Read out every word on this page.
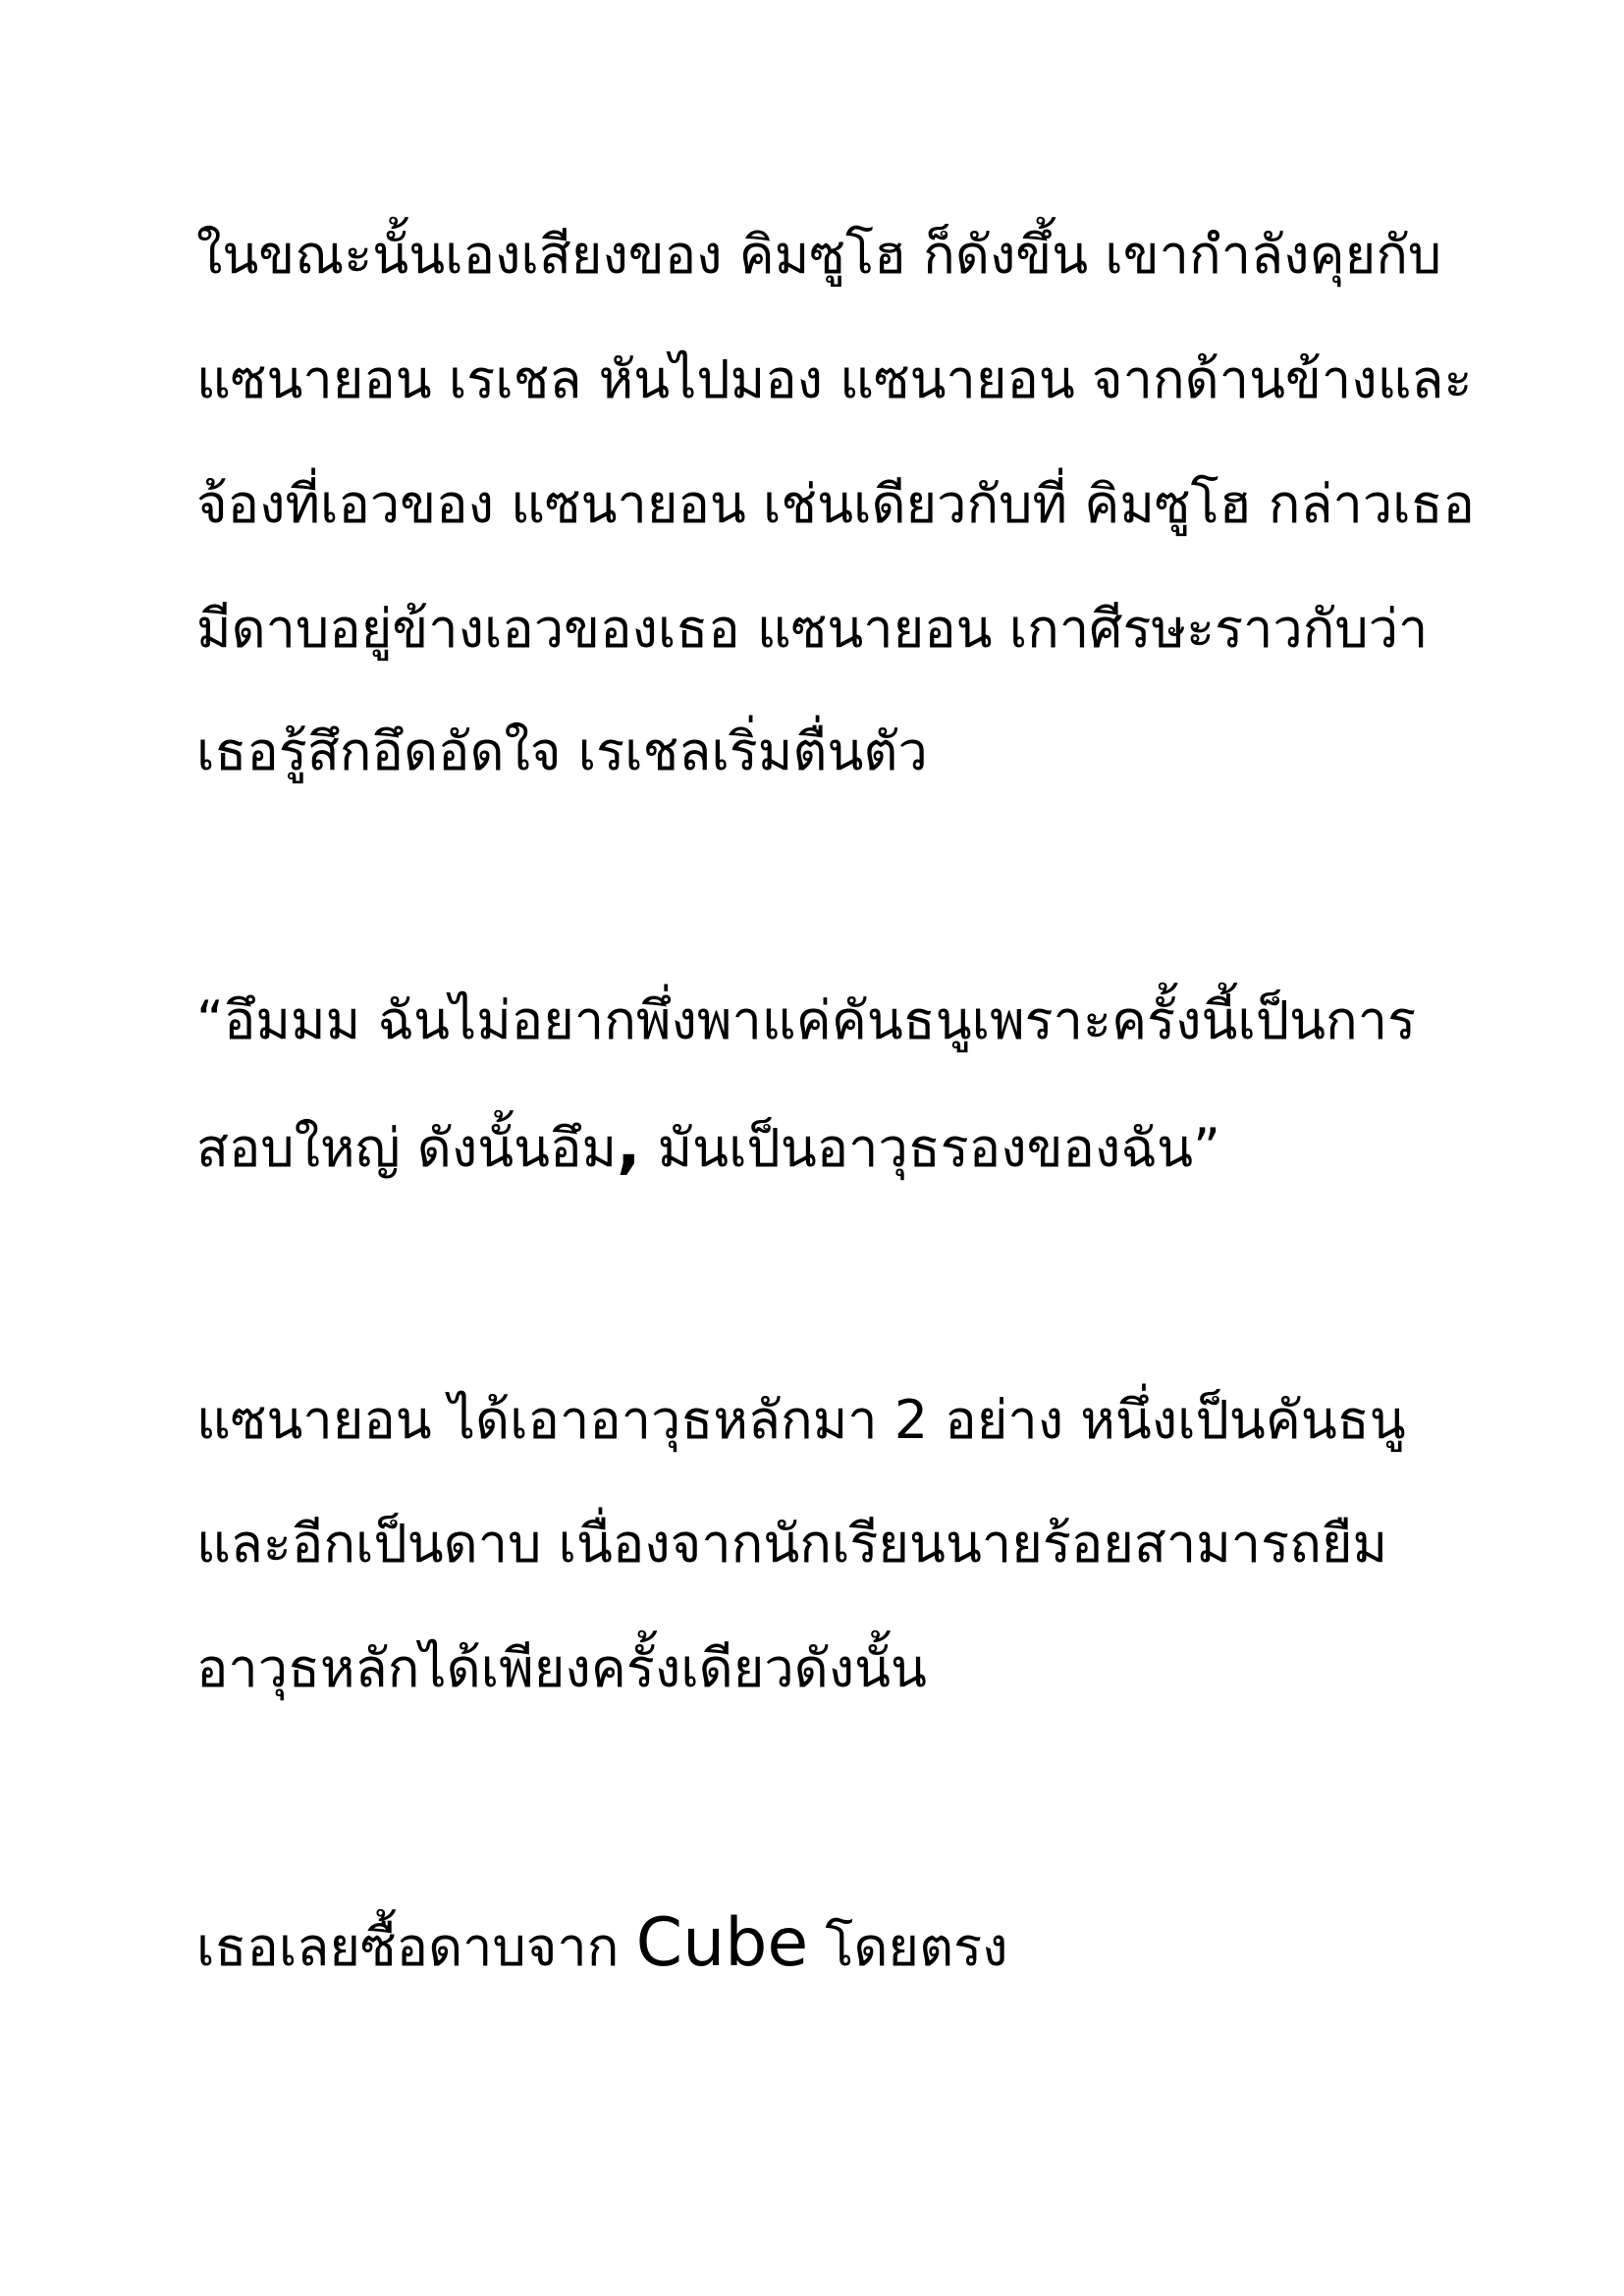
ในขณะนั้นเองเสียงของ คิมซูโฮ ก็ดังขึ้น เขากำลังคุยกับ
แซนายอน เรเชล หันไปมอง แซนายอน จากด้านข้างและ
จ้องที่เอวของ แซนายอน เช่นเดียวกับที่ คิมซูโฮ กล่าวเธอ
มีดาบอยู่ข้างเอวของเธอ แซนายอน เกาศีรษะราวกับว่า
เธอรู้สึกอึดอัดใจ เรเชลเริ่มตื่นตัว
“อึมมม ฉันไม่อยากพึ่งพาแค่คันธนูเพราะครั้งนี้เป็นการ
สอบใหญ่ ดังนั้นอึม, มันเป็นอาวุธรองของฉัน”
แซนายอน ได้เอาอาวุธหลักมา 2 อย่าง หนึ่งเป็นคันธนู
และอีกเป็นดาบ เนื่องจากนักเรียนนายร้อยสามารถยืม
อาวุธหลักได้เพียงครั้งเดียวดังนั้น
เธอเลยซื้อดาบจาก Cube โดยตรง
